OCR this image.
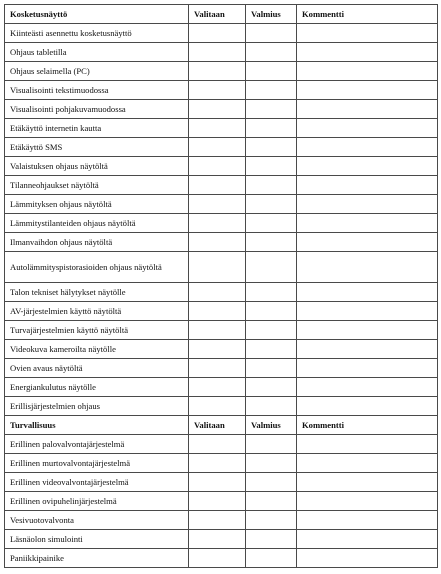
Kosketusnäyttö	Valitaan	Valmius	Kommentti
Kiinteästi asennettu kosketusnäyttö			
Ohjaus tabletilla			
Ohjaus selaimella (PC)			
Visualisointi tekstimuodossa			
Visualisointi pohjakuvamuodossa			
Etäkäyttö internetin kautta			
Etäkäyttö SMS			
Valaistuksen ohjaus näytöltä			
Tilanneohjaukset näytöltä			
Lämmityksen ohjaus näytöltä			
Lämmitystilanteiden ohjaus näytöltä			
Ilmanvaihdon ohjaus näytöltä			
Autolämmityspistorasioiden ohjaus näytöltä			
Talon tekniset hälytykset näytölle			
AV-järjestelmien käyttö näytöltä			
Turvajärjestelmien käyttö näytöltä			
Videokuva kameroilta näytölle			
Ovien avaus näytöltä			
Energiankulutus näytölle			
Erillisjärjestelmien ohjaus			
Turvallisuus	Valitaan	Valmius	Kommentti
Erillinen palovalvontajärjestelmä			
Erillinen murtovalvontajärjestelmä			
Erillinen videovalvontajärjestelmä			
Erillinen ovipuhelinjärjestelmä			
Vesivuotovalvonta			
Läsnäolon simulointi			
Paniikkipainike			
